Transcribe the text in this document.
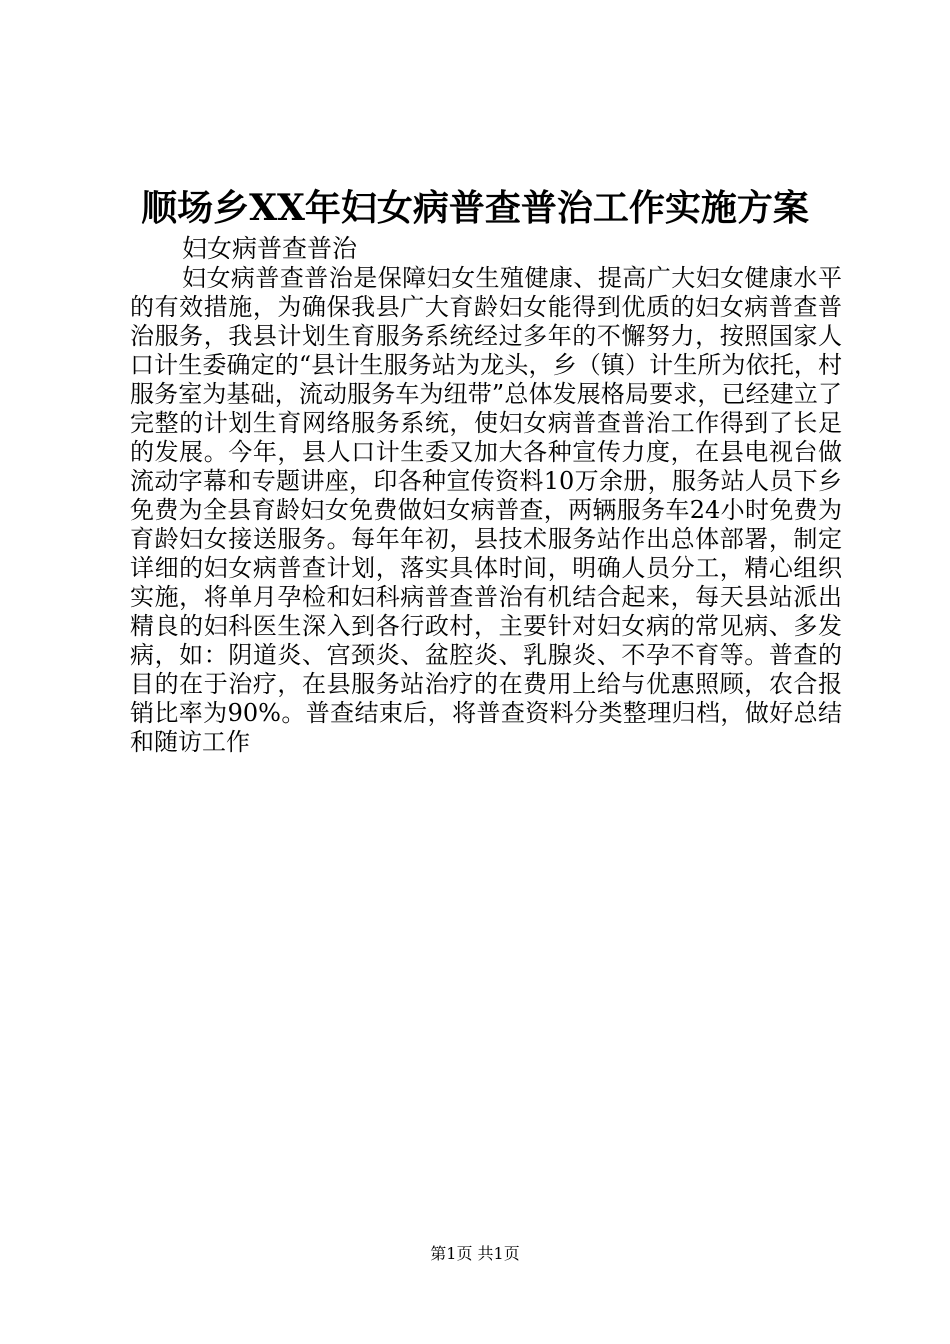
顺场乡XX年妇女病普查普治工作实施方案
妇女病普查普治

妇女病普查普治是保障妇女生殖健康、提高广大妇女健康水平的有效措施，为确保我县广大育龄妇女能得到优质的妇女病普查普治服务，我县计划生育服务系统经过多年的不懈努力，按照国家人口计生委确定的“县计生服务站为龙头，乡（镇）计生所为依托，村服务室为基础，流动服务车为纽带”总体发展格局要求，已经建立了完整的计划生育网络服务系统，使妇女病普查普治工作得到了长足的发展。今年，县人口计生委又加大各种宣传力度，在县电视台做流动字幕和专题讲座，印各种宣传资料10万余册，服务站人员下乡免费为全县育龄妇女免费做妇女病普查，两辆服务车24小时免费为育龄妇女接送服务。每年年初，县技术服务站作出总体部署，制定详细的妇女病普查计划，落实具体时间，明确人员分工，精心组织实施，将单月孕检和妇科病普查普治有机结合起来，每天县站派出精良的妇科医生深入到各行政村，主要针对妇女病的常见病、多发病，如：阴道炎、宫颈炎、盆腔炎、乳腺炎、不孕不育等。普查的目的在于治疗，在县服务站治疗的在费用上给与优惠照顾，农合报销比率为90%。普查结束后，将普查资料分类整理归档，做好总结和随访工作

第1页 共1页
